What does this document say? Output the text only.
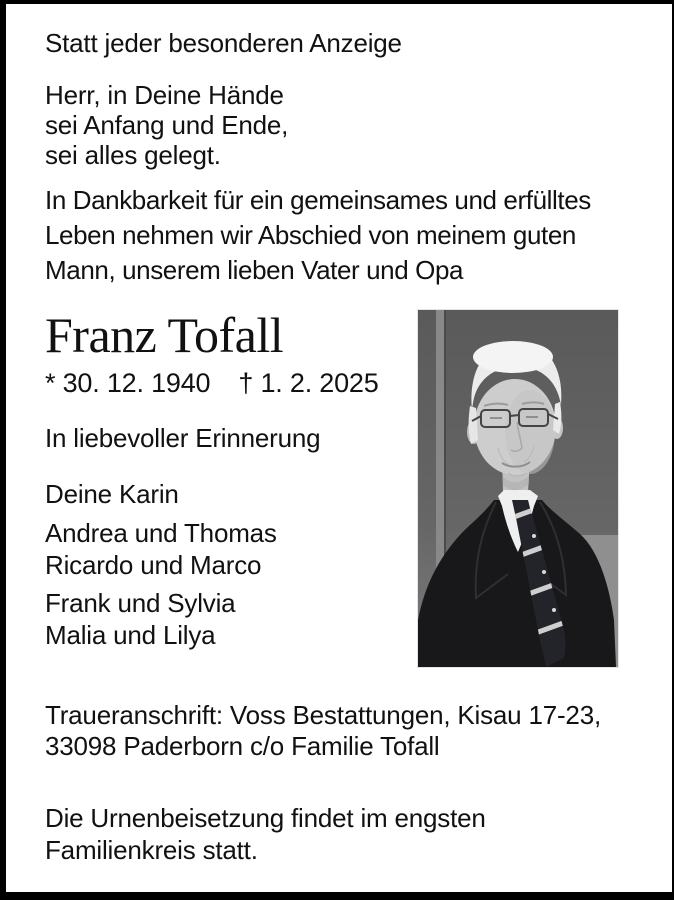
Statt jeder besonderen Anzeige
Herr, in Deine Hände
sei Anfang und Ende,
sei alles gelegt.
In Dankbarkeit für ein gemeinsames und erfülltes
Leben nehmen wir Abschied von meinem guten
Mann, unserem lieben Vater und Opa
Franz Tofall
* 30. 12. 1940 † 1. 2. 2025
In liebevoller Erinnerung
Deine Karin
Andrea und Thomas
Ricardo und Marco
Frank und Sylvia
Malia und Lilya
Traueranschrift: Voss Bestattungen, Kisau 17-23,
33098 Paderborn c/o Familie Tofall
Die Urnenbeisetzung findet im engsten
Familienkreis statt.
